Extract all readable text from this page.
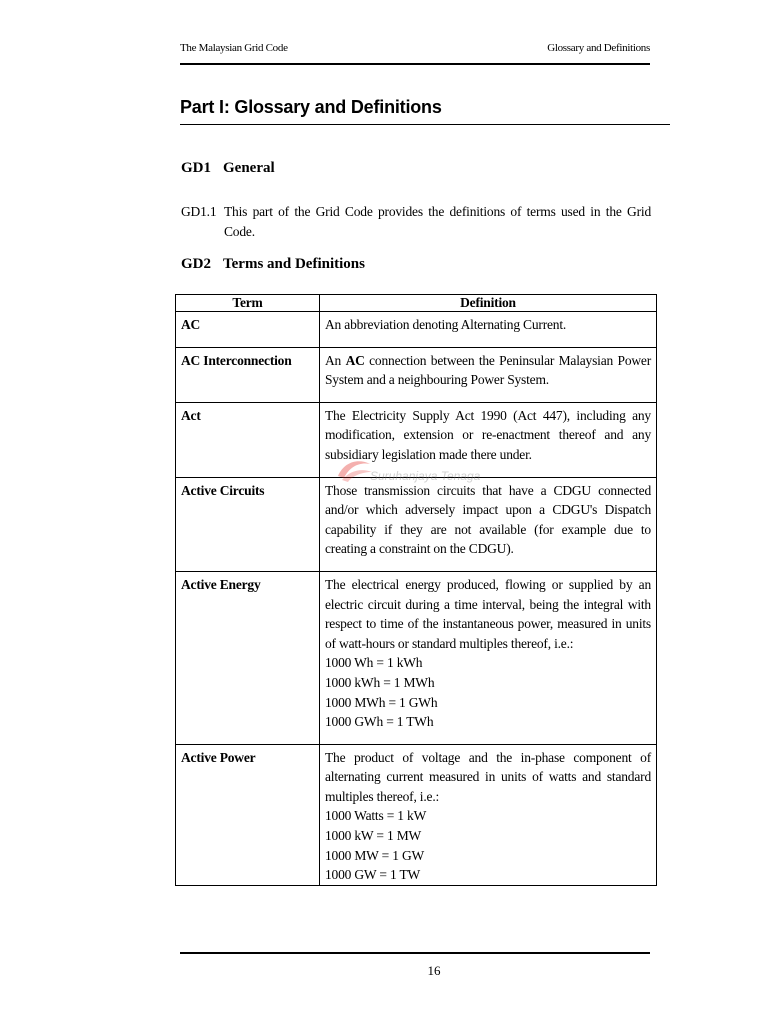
The Malaysian Grid Code	Glossary and Definitions
Part I: Glossary and Definitions
GD1 General
GD1.1 This part of the Grid Code provides the definitions of terms used in the Grid Code.
GD2 Terms and Definitions
Term	Definition
AC	An abbreviation denoting Alternating Current.

AC Interconnection	An AC connection between the Peninsular Malaysian Power System and a neighbouring Power System.

Act	The Electricity Supply Act 1990 (Act 447), including any modification, extension or re-enactment thereof and any subsidiary legislation made there under.

Active Circuits	Those transmission circuits that have a CDGU connected and/or which adversely impact upon a CDGU's Dispatch capability if they are not available (for example due to creating a constraint on the CDGU).

Active Energy	The electrical energy produced, flowing or supplied by an electric circuit during a time interval, being the integral with respect to time of the instantaneous power, measured in units of watt-hours or standard multiples thereof, i.e.:
1000 Wh = 1 kWh
1000 kWh = 1 MWh
1000 MWh = 1 GWh
1000 GWh = 1 TWh

Active Power	The product of voltage and the in-phase component of alternating current measured in units of watts and standard multiples thereof, i.e.:
1000 Watts = 1 kW
1000 kW = 1 MW
1000 MW = 1 GW
1000 GW = 1 TW
Suruhanjaya Tenaga
16
